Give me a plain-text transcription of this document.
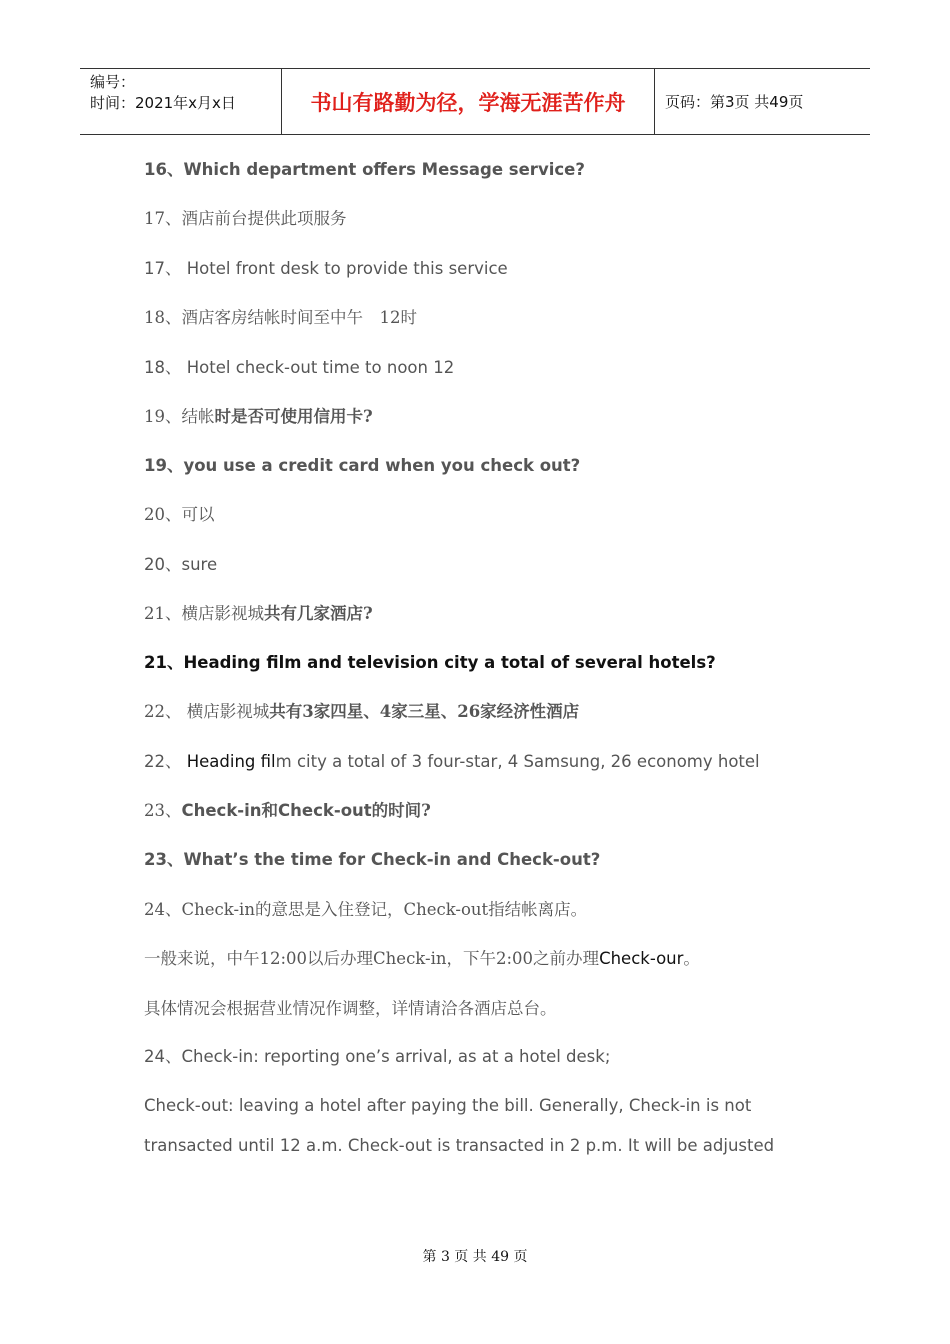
编号：
时间：2021年x月x日	书山有路勤为径，学海无涯苦作舟	页码：第3页 共49页
16、Which department offers Message service?
17、酒店前台提供此项服务
17、 Hotel front desk to provide this service
18、酒店客房结帐时间至中午　12时
18、 Hotel check-out time to noon 12
19、结帐时是否可使用信用卡?
19、you use a credit card when you check out?
20、可以
20、sure
21、横店影视城共有几家酒店?
21、Heading film and television city a total of several hotels?
22、 横店影视城共有3家四星、4家三星、26家经济性酒店
22、 Heading film city a total of 3 four-star, 4 Samsung, 26 economy hotel
23、Check-in和Check-out的时间?
23、What’s the time for Check-in and Check-out?
24、Check-in的意思是入住登记，Check-out指结帐离店。
一般来说，中午12:00以后办理Check-in，下午2:00之前办理Check-our。
具体情况会根据营业情况作调整，详情请洽各酒店总台。
24、Check-in: reporting one’s arrival, as at a hotel desk;
Check-out: leaving a hotel after paying the bill. Generally, Check-in is not
transacted until 12 a.m. Check-out is transacted in 2 p.m. It will be adjusted
第 3 页 共 49 页
